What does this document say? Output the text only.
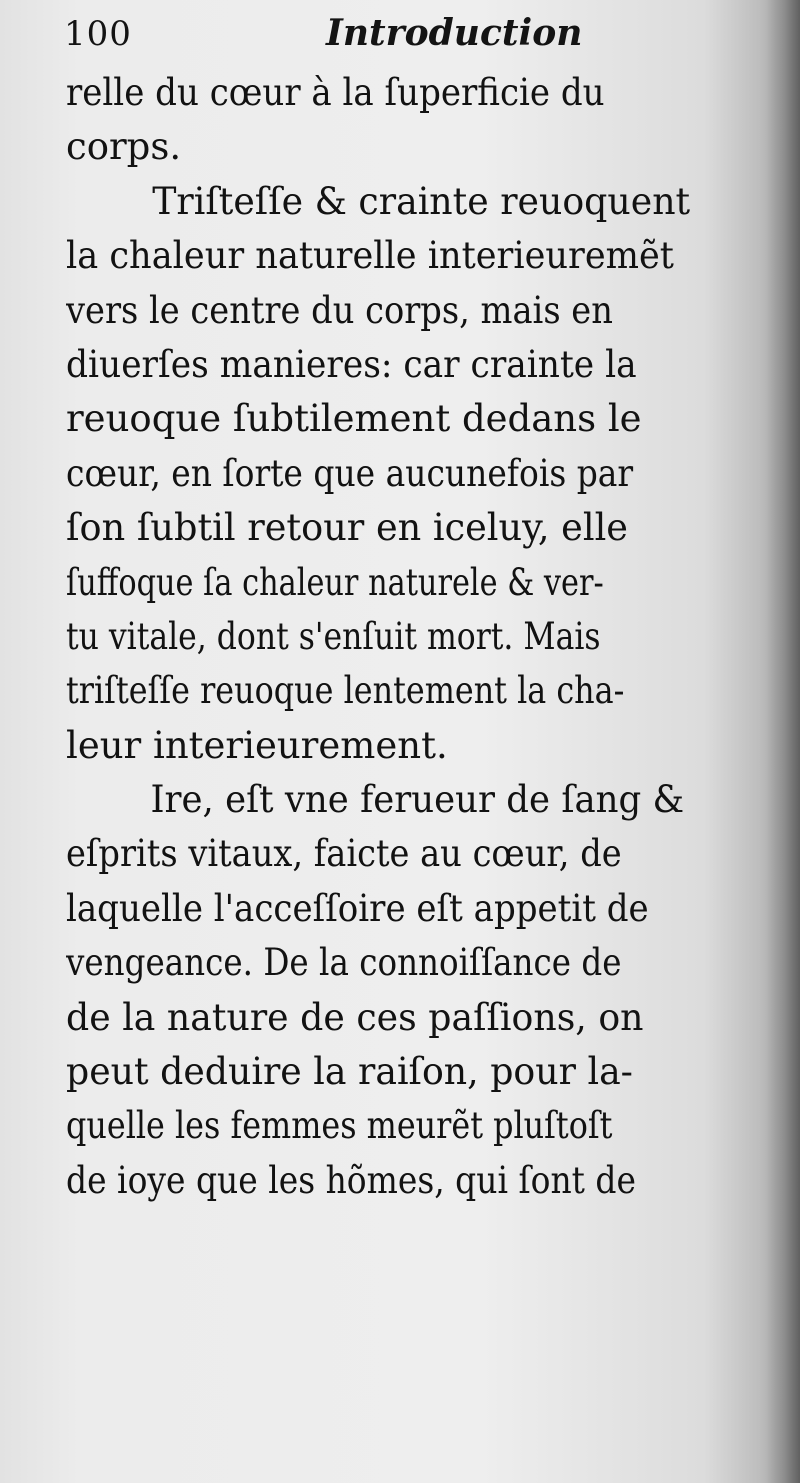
100	Introduction
relle du cœur à la ſuperficie du
corps.
Triſteſſe & crainte reuoquent
la chaleur naturelle interieuremẽt
vers le centre du corps, mais en
diuerſes manieres: car crainte la
reuoque ſubtilement dedans le
cœur, en ſorte que aucunefois par
ſon ſubtil retour en iceluy, elle
ſuffoque ſa chaleur naturele & ver-
tu vitale, dont s'enſuit mort. Mais
triſteſſe reuoque lentement la cha-
leur interieurement.
Ire, eſt vne ferueur de ſang &
eſprits vitaux, faicte au cœur, de
laquelle l'acceſſoire eſt appetit de
vengeance. De la connoiſſance de
de la nature de ces paſſions, on
peut deduire la raiſon, pour la-
quelle les femmes meurẽt pluſtoſt
de ioye que les hõmes, qui ſont de
